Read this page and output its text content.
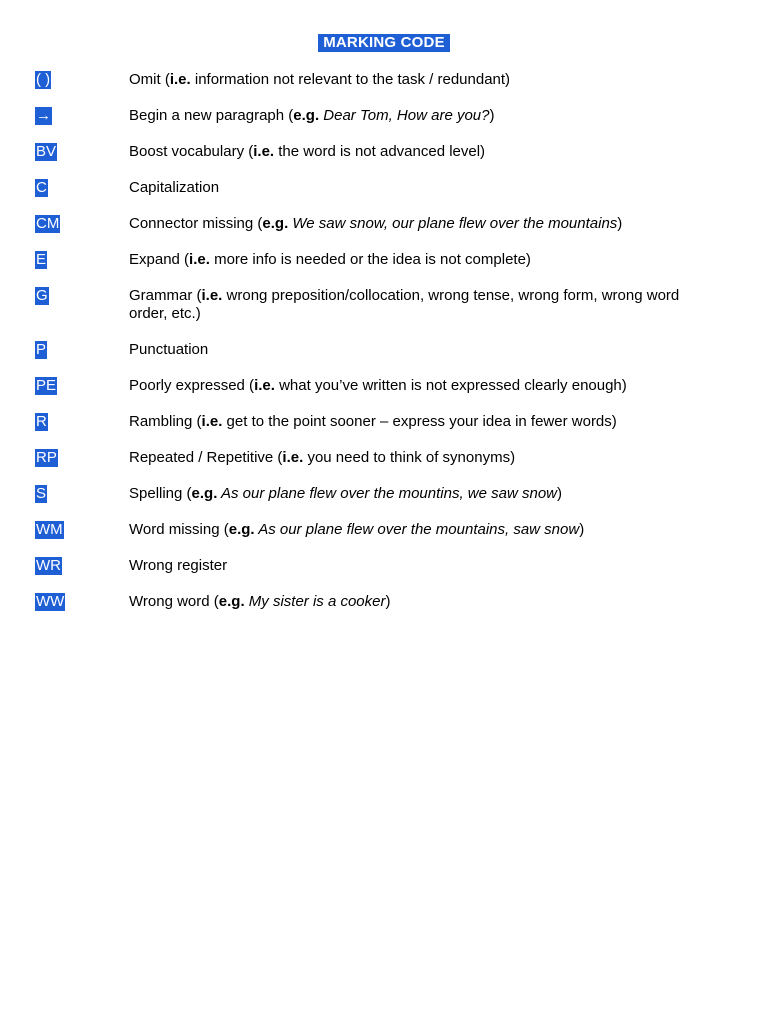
MARKING CODE
( )	Omit (i.e. information not relevant to the task / redundant)
→	Begin a new paragraph (e.g. Dear Tom, How are you?)
BV	Boost vocabulary (i.e. the word is not advanced level)
C	Capitalization
CM	Connector missing (e.g. We saw snow, our plane flew over the mountains)
E	Expand (i.e. more info is needed or the idea is not complete)
G	Grammar (i.e. wrong preposition/collocation, wrong tense, wrong form, wrong word order, etc.)
P	Punctuation
PE	Poorly expressed (i.e. what you’ve written is not expressed clearly enough)
R	Rambling (i.e. get to the point sooner – express your idea in fewer words)
RP	Repeated / Repetitive (i.e. you need to think of synonyms)
S	Spelling (e.g. As our plane flew over the mountins, we saw snow)
WM	Word missing (e.g. As our plane flew over the mountains, saw snow)
WR	Wrong register
WW	Wrong word (e.g. My sister is a cooker)
